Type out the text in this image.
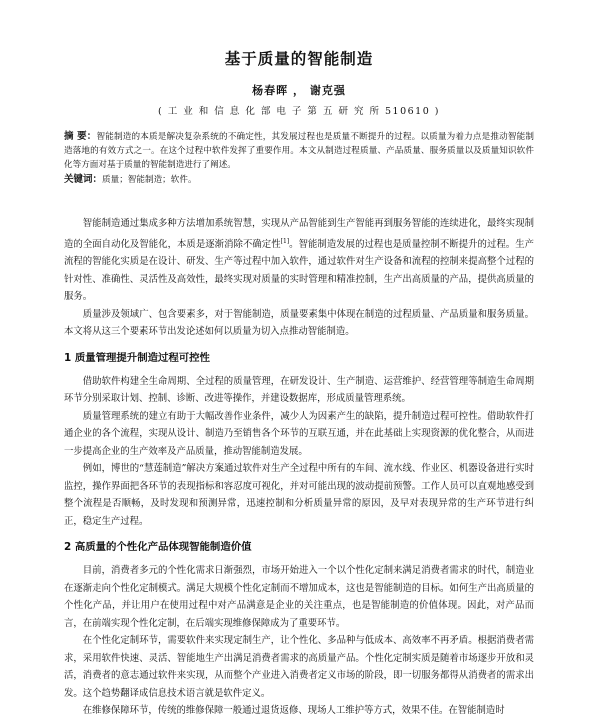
基于质量的智能制造
杨春晖 ， 谢克强
( 工 业 和 信 息 化 部 电 子 第 五 研 究 所 510610 )
摘 要：智能制造的本质是解决复杂系统的不确定性，其发展过程也是质量不断提升的过程。以质量为着力点是推动智能制造落地的有效方式之一。在这个过程中软件发挥了重要作用。本文从制造过程质量、产品质量、服务质量以及质量知识软件化等方面对基于质量的智能制造进行了阐述。
关键词：质量；智能制造；软件。

智能制造通过集成多种方法增加系统智慧，实现从产品智能到生产智能再到服务智能的连续进化，最终实现制造的全面自动化及智能化，本质是逐渐消除不确定性[1]。智能制造发展的过程也是质量控制不断提升的过程。生产流程的智能化实质是在设计、研发、生产等过程中加入软件，通过软件对生产设备和流程的控制来提高整个过程的针对性、准确性、灵活性及高效性，最终实现对质量的实时管理和精准控制，生产出高质量的产品，提供高质量的服务。

质量涉及领域广、包含要素多，对于智能制造，质量要素集中体现在制造的过程质量、产品质量和服务质量。本文将从这三个要素环节出发论述如何以质量为切入点推动智能制造。

1 质量管理提升制造过程可控性

借助软件构建全生命周期、全过程的质量管理，在研发设计、生产制造、运营维护、经营管理等制造生命周期环节分别采取计划、控制、诊断、改进等操作，并建设数据库，形成质量管理系统。

质量管理系统的建立有助于大幅改善作业条件，减少人为因素产生的缺陷，提升制造过程可控性。借助软件打通企业的各个流程，实现从设计、制造乃至销售各个环节的互联互通，并在此基础上实现资源的优化整合，从而进一步提高企业的生产效率及产品质量，推动智能制造发展。

例如，博世的“慧莲制造”解决方案通过软件对生产全过程中所有的车间、流水线、作业区、机器设备进行实时监控，操作界面把各环节的表现指标和容忍度可视化，并对可能出现的波动提前预警。工作人员可以直观地感受到整个流程是否顺畅，及时发现和预测异常，迅速控制和分析质量异常的原因，及早对表现异常的生产环节进行纠正，稳定生产过程。

2 高质量的个性化产品体现智能制造价值

目前，消费者多元的个性化需求日渐强烈，市场开始进入一个以个性化定制来满足消费者需求的时代，制造业在逐渐走向个性化定制模式。满足大规模个性化定制而不增加成本，这也是智能制造的目标。如何生产出高质量的个性化产品，并让用户在使用过程中对产品满意是企业的关注重点，也是智能制造的价值体现。因此，对产品而言，在前端实现个性化定制，在后端实现维修保障成为了重要环节。

在个性化定制环节，需要软件来实现定制生产，让个性化、多品种与低成本、高效率不再矛盾。根据消费者需求，采用软件快速、灵活、智能地生产出满足消费者需求的高质量产品。个性化定制实质是随着市场逐步开放和灵活，消费者的意志通过软件来实现，从而整个产业进入消费者定义市场的阶段，即一切服务都得从消费者的需求出发。这个趋势翻译成信息技术语言就是软件定义。

在维修保障环节，传统的维修保障一般通过退货返修、现场人工维护等方式，效果不佳。在智能制造时
